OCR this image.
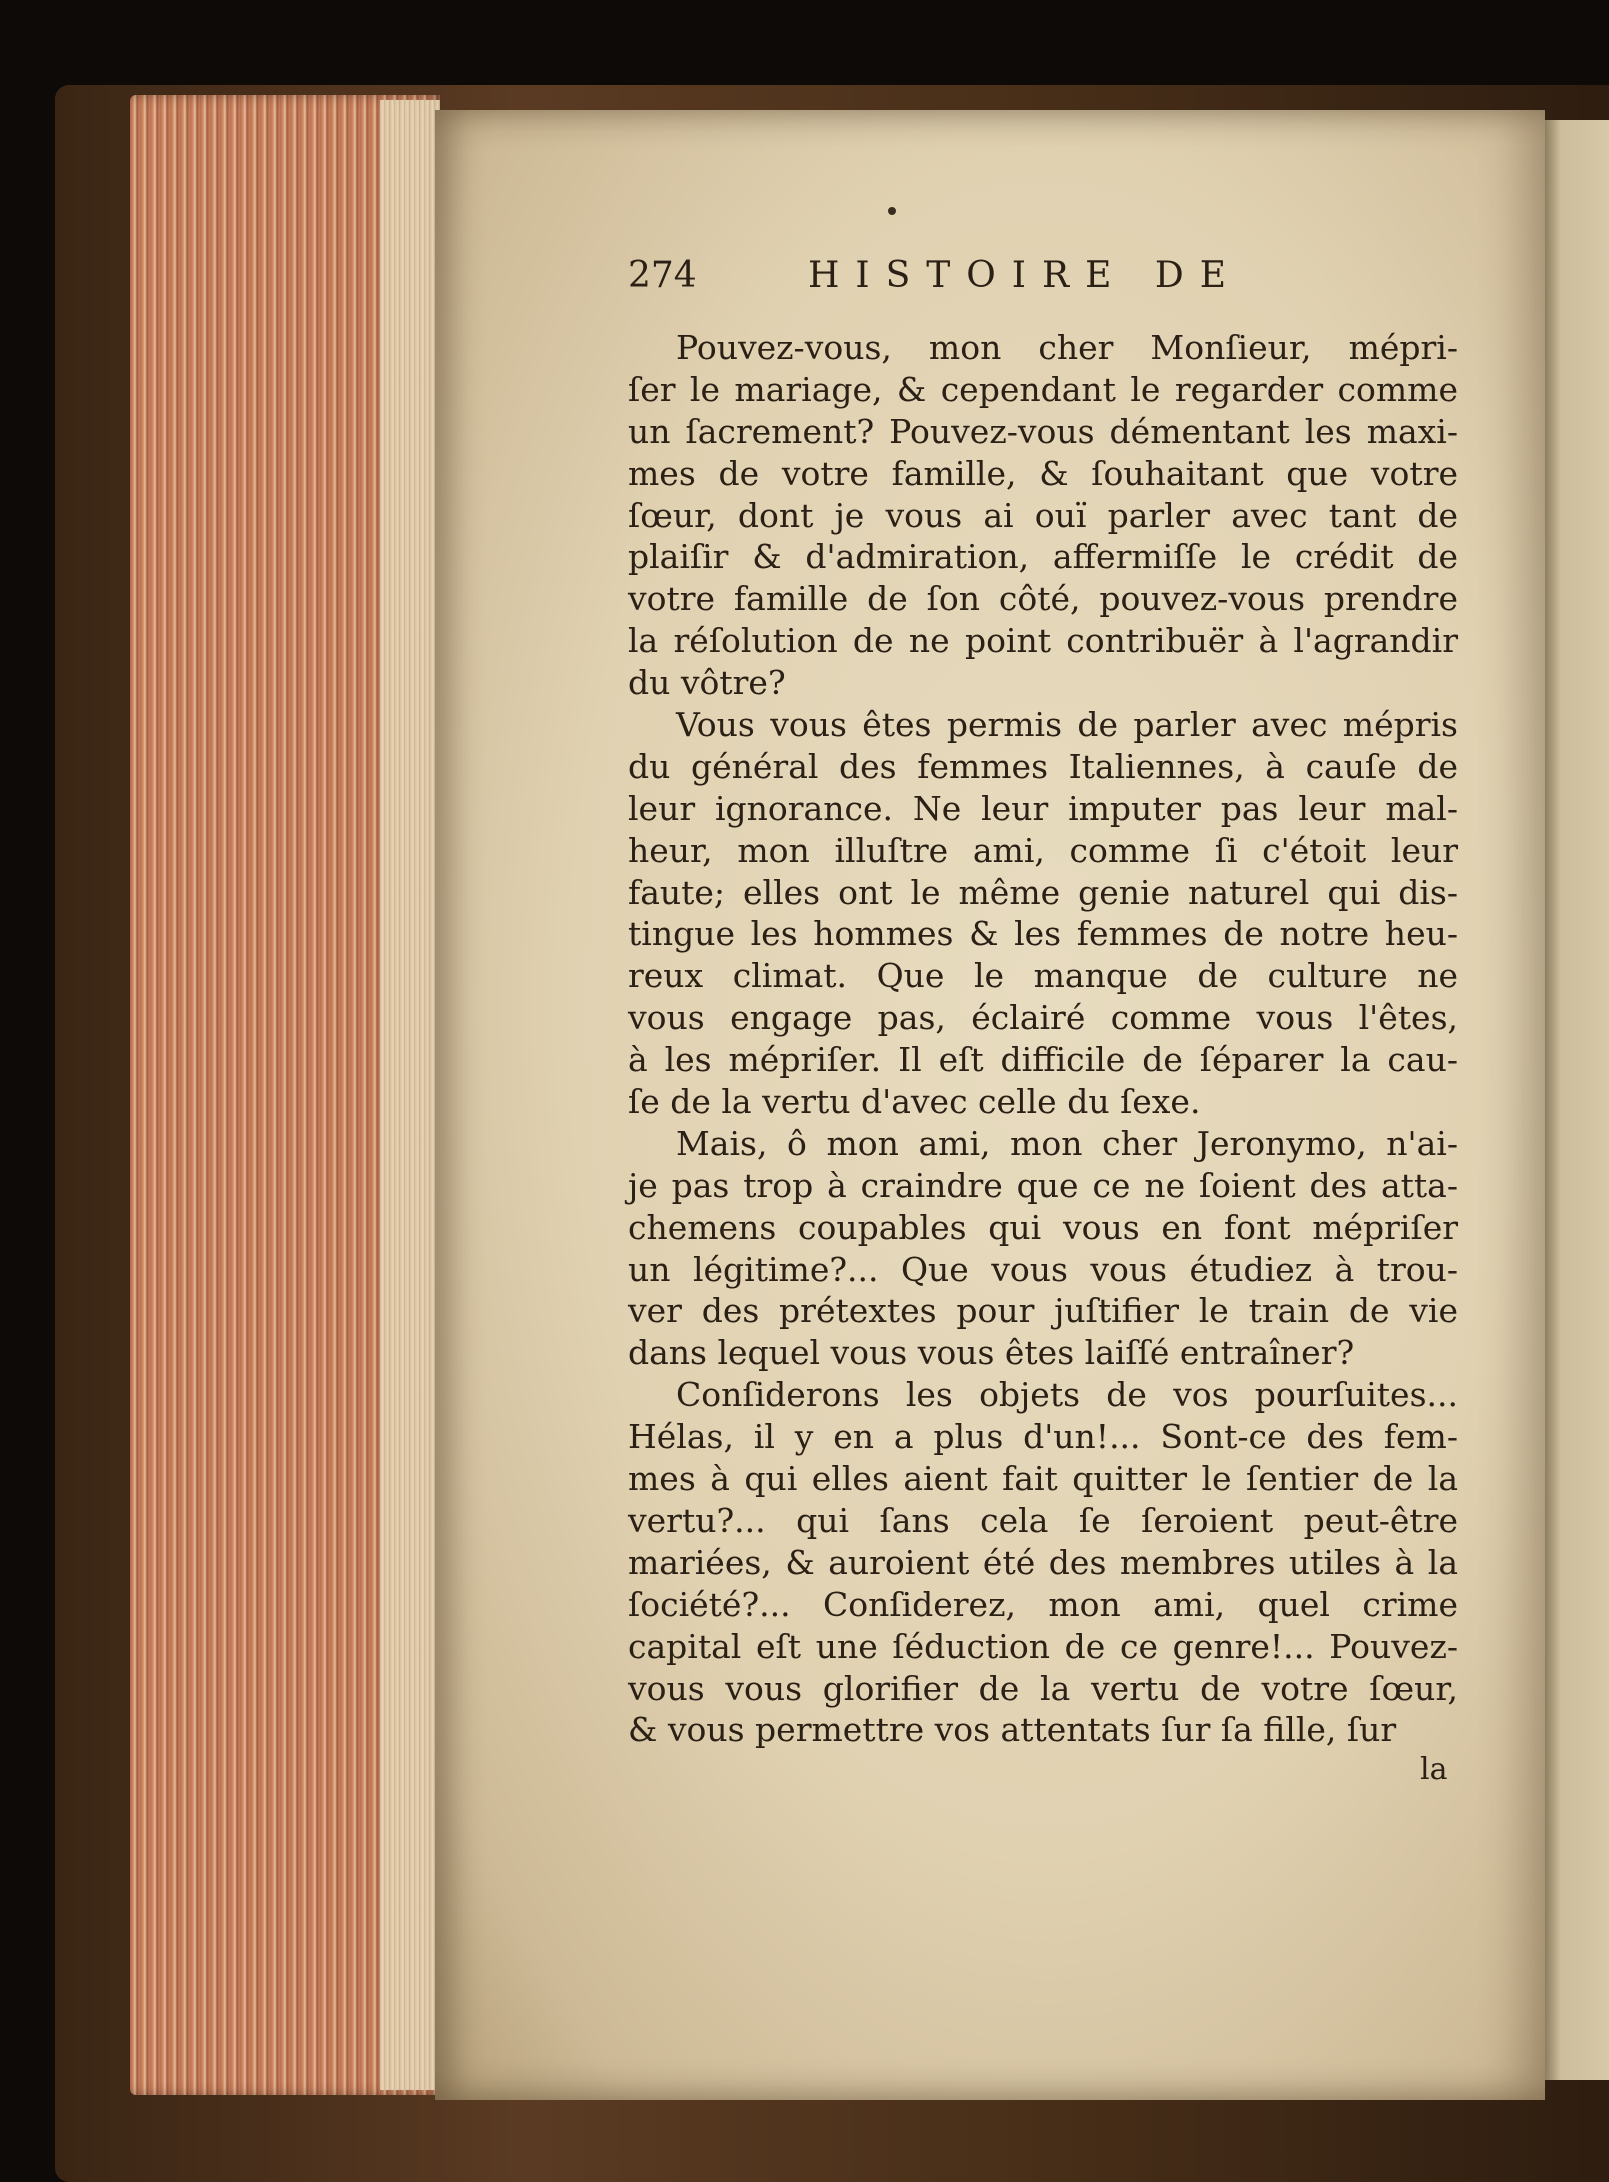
274	HISTOIRE DE
Pouvez-vous, mon cher Monſieur, mépri-
ſer le mariage, & cependant le regarder comme
un ſacrement? Pouvez-vous démentant les maxi-
mes de votre famille, & ſouhaitant que votre
ſœur, dont je vous ai ouï parler avec tant de
plaiſir & d'admiration, affermiſſe le crédit de
votre famille de ſon côté, pouvez-vous prendre
la réſolution de ne point contribuër à l'agrandir
du vôtre?
Vous vous êtes permis de parler avec mépris
du général des femmes Italiennes, à cauſe de
leur ignorance. Ne leur imputer pas leur mal-
heur, mon illuſtre ami, comme ſi c'étoit leur
faute; elles ont le même genie naturel qui dis-
tingue les hommes & les femmes de notre heu-
reux climat. Que le manque de culture ne
vous engage pas, éclairé comme vous l'êtes,
à les mépriſer. Il eſt difficile de ſéparer la cau-
ſe de la vertu d'avec celle du ſexe.
Mais, ô mon ami, mon cher Jeronymo, n'ai-
je pas trop à craindre que ce ne ſoient des atta-
chemens coupables qui vous en font mépriſer
un légitime?... Que vous vous étudiez à trou-
ver des prétextes pour juſtifier le train de vie
dans lequel vous vous êtes laiſſé entraîner?
Conſiderons les objets de vos pourſuites...
Hélas, il y en a plus d'un!... Sont-ce des fem-
mes à qui elles aient fait quitter le ſentier de la
vertu?... qui ſans cela ſe ſeroient peut-être
mariées, & auroient été des membres utiles à la
ſociété?... Conſiderez, mon ami, quel crime
capital eſt une ſéduction de ce genre!... Pouvez-
vous vous glorifier de la vertu de votre ſœur,
& vous permettre vos attentats ſur ſa fille, ſur
la
